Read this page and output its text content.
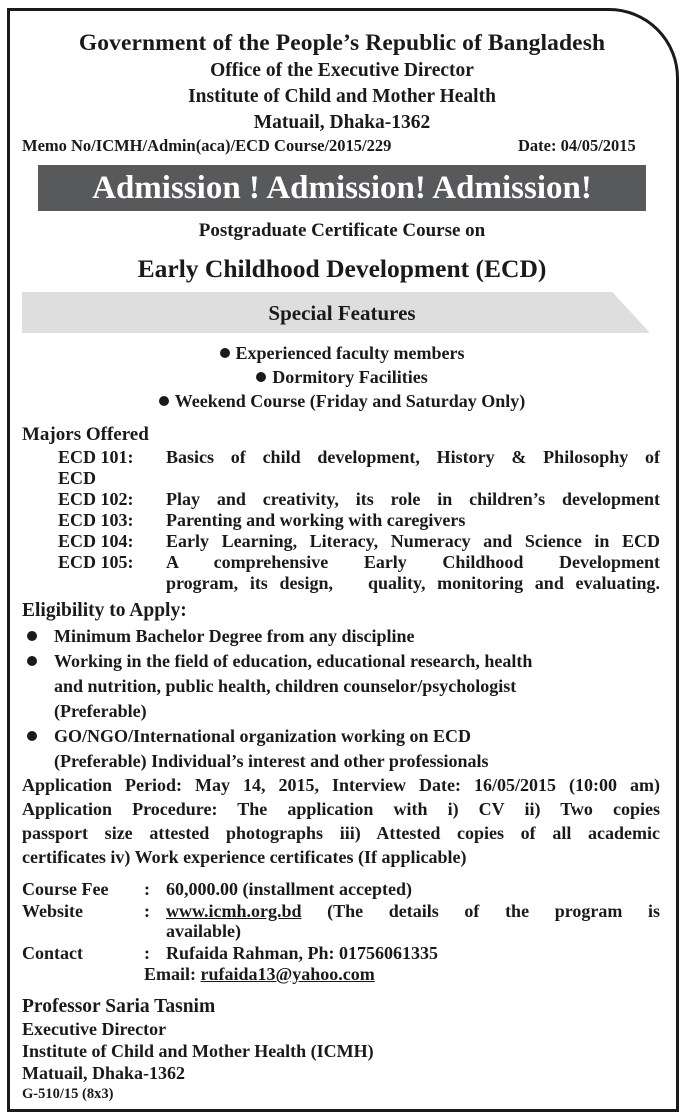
Government of the People’s Republic of Bangladesh
Office of the Executive Director
Institute of Child and Mother Health
Matuail, Dhaka-1362
Memo No/ICMH/Admin(aca)/ECD Course/2015/229	Date: 04/05/2015
Admission ! Admission! Admission!
Postgraduate Certificate Course on
Early Childhood Development (ECD)
Special Features
Experienced faculty members
Dormitory Facilities
Weekend Course (Friday and Saturday Only)
Majors Offered
ECD 101: Basics of child development, History & Philosophy of
ECD
ECD 102: Play and creativity, its role in children’s development
ECD 103: Parenting and working with caregivers
ECD 104: Early Learning, Literacy, Numeracy and Science in ECD
ECD 105: A comprehensive Early Childhood Development
program, its design,   quality, monitoring and evaluating.
Eligibility to Apply:
Minimum Bachelor Degree from any discipline
Working in the field of education, educational research, health
and nutrition, public health, children counselor/psychologist
(Preferable)
GO/NGO/International organization working on ECD
(Preferable) Individual’s interest and other professionals
Application Period: May 14, 2015, Interview Date: 16/05/2015 (10:00 am)
Application Procedure: The application with i) CV ii) Two copies
passport size attested photographs iii) Attested copies of all academic
certificates iv) Work experience certificates (If applicable)
Course Fee : 60,000.00 (installment accepted)
Website	: www.icmh.org.bd (The details of the program is
available)
Contact	: Rufaida Rahman, Ph: 01756061335
Email: rufaida13@yahoo.com
Professor Saria Tasnim
Executive Director
Institute of Child and Mother Health (ICMH)
Matuail, Dhaka-1362
G-510/15 (8x3)
